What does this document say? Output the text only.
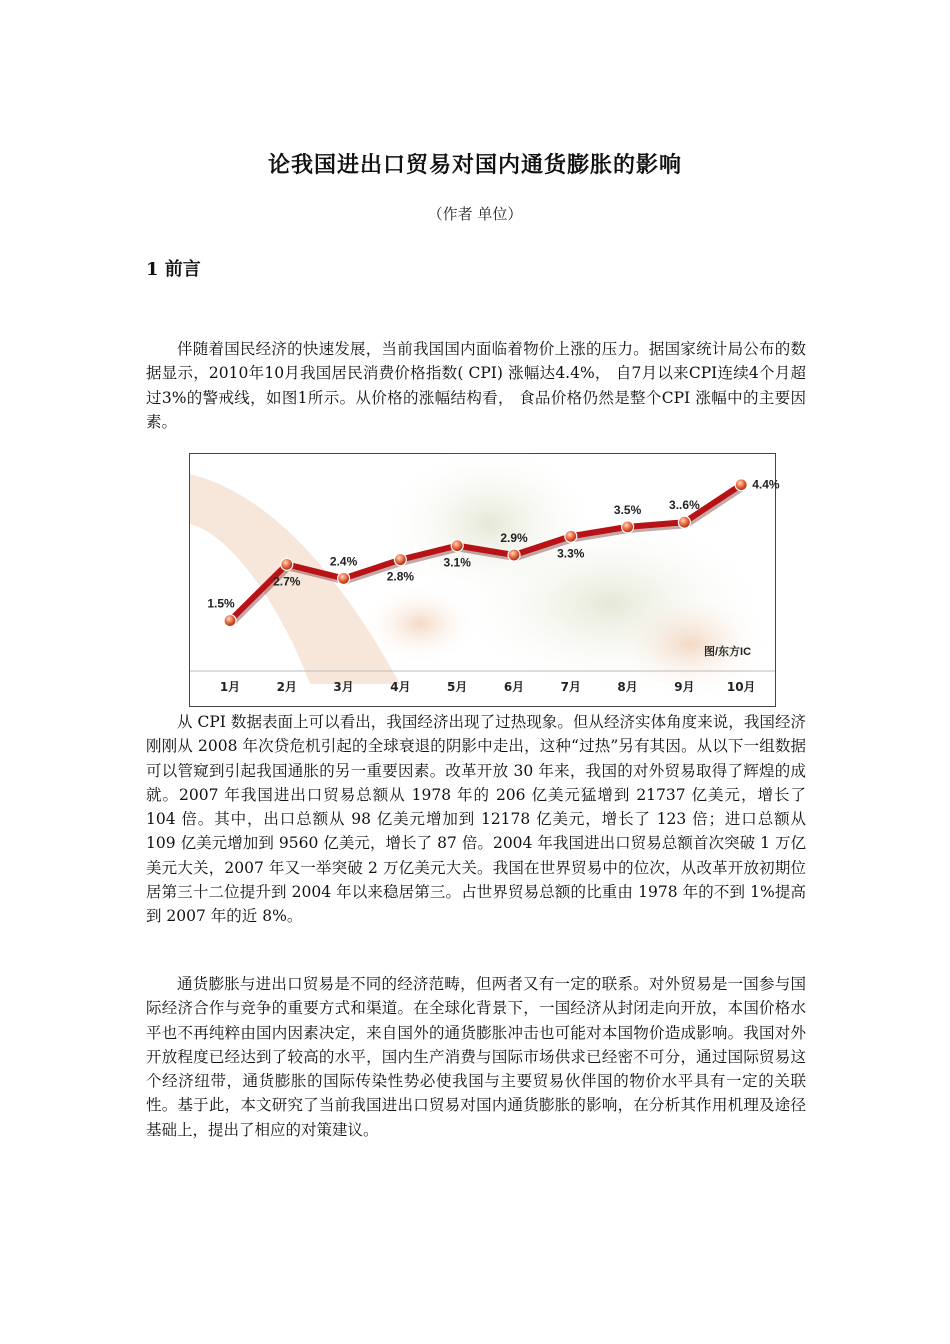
论我国进出口贸易对国内通货膨胀的影响
（作者 单位）
1 前言

伴随着国民经济的快速发展，当前我国国内面临着物价上涨的压力。据国家统计局公布的数据显示，2010年10月我国居民消费价格指数( CPI) 涨幅达4.4%， 自7月以来CPI连续4个月超过3%的警戒线，如图1所示。从价格的涨幅结构看， 食品价格仍然是整个CPI 涨幅中的主要因素。

1.5%
2.7%
2.4%
2.8%
3.1%
2.9%
3.3%
3.5% 3..6%
4.4%
1月	2月	3月	4月	5月	6月	7月	8月	9月	10月
图/东方IC

从 CPI 数据表面上可以看出，我国经济出现了过热现象。但从经济实体角度来说，我国经济刚刚从 2008 年次贷危机引起的全球衰退的阴影中走出，这种“过热”另有其因。从以下一组数据可以管窥到引起我国通胀的另一重要因素。改革开放 30 年来，我国的对外贸易取得了辉煌的成就。2007 年我国进出口贸易总额从 1978 年的 206 亿美元猛增到 21737 亿美元，增长了 104 倍。其中，出口总额从 98 亿美元增加到 12178 亿美元，增长了 123 倍；进口总额从 109 亿美元增加到 9560 亿美元，增长了 87 倍。2004 年我国进出口贸易总额首次突破 1 万亿美元大关，2007 年又一举突破 2 万亿美元大关。我国在世界贸易中的位次，从改革开放初期位居第三十二位提升到 2004 年以来稳居第三。占世界贸易总额的比重由 1978 年的不到 1%提高到 2007 年的近 8%。

通货膨胀与进出口贸易是不同的经济范畴，但两者又有一定的联系。对外贸易是一国参与国际经济合作与竞争的重要方式和渠道。在全球化背景下，一国经济从封闭走向开放，本国价格水平也不再纯粹由国内因素决定，来自国外的通货膨胀冲击也可能对本国物价造成影响。我国对外开放程度已经达到了较高的水平，国内生产消费与国际市场供求已经密不可分，通过国际贸易这个经济纽带，通货膨胀的国际传染性势必使我国与主要贸易伙伴国的物价水平具有一定的关联性。基于此，本文研究了当前我国进出口贸易对国内通货膨胀的影响，在分析其作用机理及途径基础上，提出了相应的对策建议。
